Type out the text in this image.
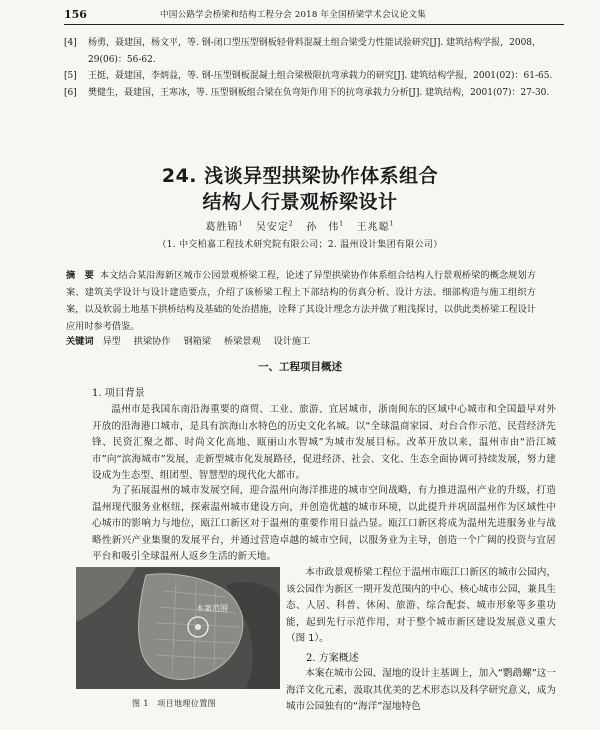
156	中国公路学会桥梁和结构工程分会 2018 年全国桥梁学术会议论文集
[4] 杨勇，聂建国，杨文平，等. 钢-闭口型压型钢板轻骨料混凝土组合梁受力性能试验研究[J]. 建筑结构学报，2008，29(06)：56-62.
[5] 王挺，聂建国，李炳益，等. 钢-压型钢板混凝土组合梁极限抗弯承载力的研究[J]. 建筑结构学报，2001(02)：61-65.
[6] 樊健生，聂建国，王寒冰，等. 压型钢板组合梁在负弯矩作用下的抗弯承载力分析[J]. 建筑结构，2001(07)：27-30.
24. 浅谈异型拱梁协作体系组合
结构人行景观桥梁设计
葛胜锦$^1$ 吴安定$^2$ 孙　伟$^1$ 王兆聪$^1$
（1. 中交柏嘉工程技术研究院有限公司；2. 温州设计集团有限公司）
摘　要 本文结合某沿海新区城市公园景观桥梁工程，论述了异型拱梁协作体系组合结构人行景观桥梁的概念规划方案、建筑美学设计与设计建造要点，介绍了该桥梁工程上下部结构的仿真分析、设计方法、细部构造与施工组织方案，以及软弱土地基下拱桥结构及基础的处治措施，诠释了其设计理念方法并做了粗浅探讨，以供此类桥梁工程设计应用时参考借鉴。
关键词 异型 拱梁协作 钢箱梁 桥梁景观 设计施工
一、工程项目概述
1. 项目背景
温州市是我国东南沿海重要的商贸、工业、旅游、宜居城市，浙南闽东的区域中心城市和全国最早对外开放的沿海港口城市，是具有滨海山水特色的历史文化名城。以“全球温商家园、对台合作示范、民营经济先锋、民资汇聚之都、时尚文化高地、瓯丽山水智城”为城市发展目标。改革开放以来，温州市由“沿江城市”向“滨海城市”发展，走新型城市化发展路径，促进经济、社会、文化、生态全面协调可持续发展，努力建设成为生态型、组团型、智慧型的现代化大都市。
为了拓展温州的城市发展空间，迎合温州向海洋推进的城市空间战略，有力推进温州产业的升级，打造温州现代服务业枢纽，探索温州城市建设方向，并创造优越的城市环境，以此提升并巩固温州作为区域性中心城市的影响力与地位，瓯江口新区对于温州的重要作用日益凸显。瓯江口新区将成为温州先进服务业与战略性新兴产业集聚的发展平台，并通过营造卓越的城市空间，以服务业为主导，创造一个广阔的投资与宜居平台和吸引全球温州人返乡生活的新天地。
本案范围
图 1　项目地理位置图
本市政景观桥梁工程位于温州市瓯江口新区的城市公园内，该公园作为新区一期开发范围内的中心、核心城市公园，兼具生态、人居、科普、休闲、旅游、综合配套、城市形象等多重功能，起到先行示范作用，对于整个城市新区建设发展意义重大（图 1）。
2. 方案概述
本案在城市公园、湿地的设计主基调上，加入“鹦鹉螺”这一海洋文化元素，汲取其优美的艺术形态以及科学研究意义，成为城市公园独有的“海洋”湿地特色
